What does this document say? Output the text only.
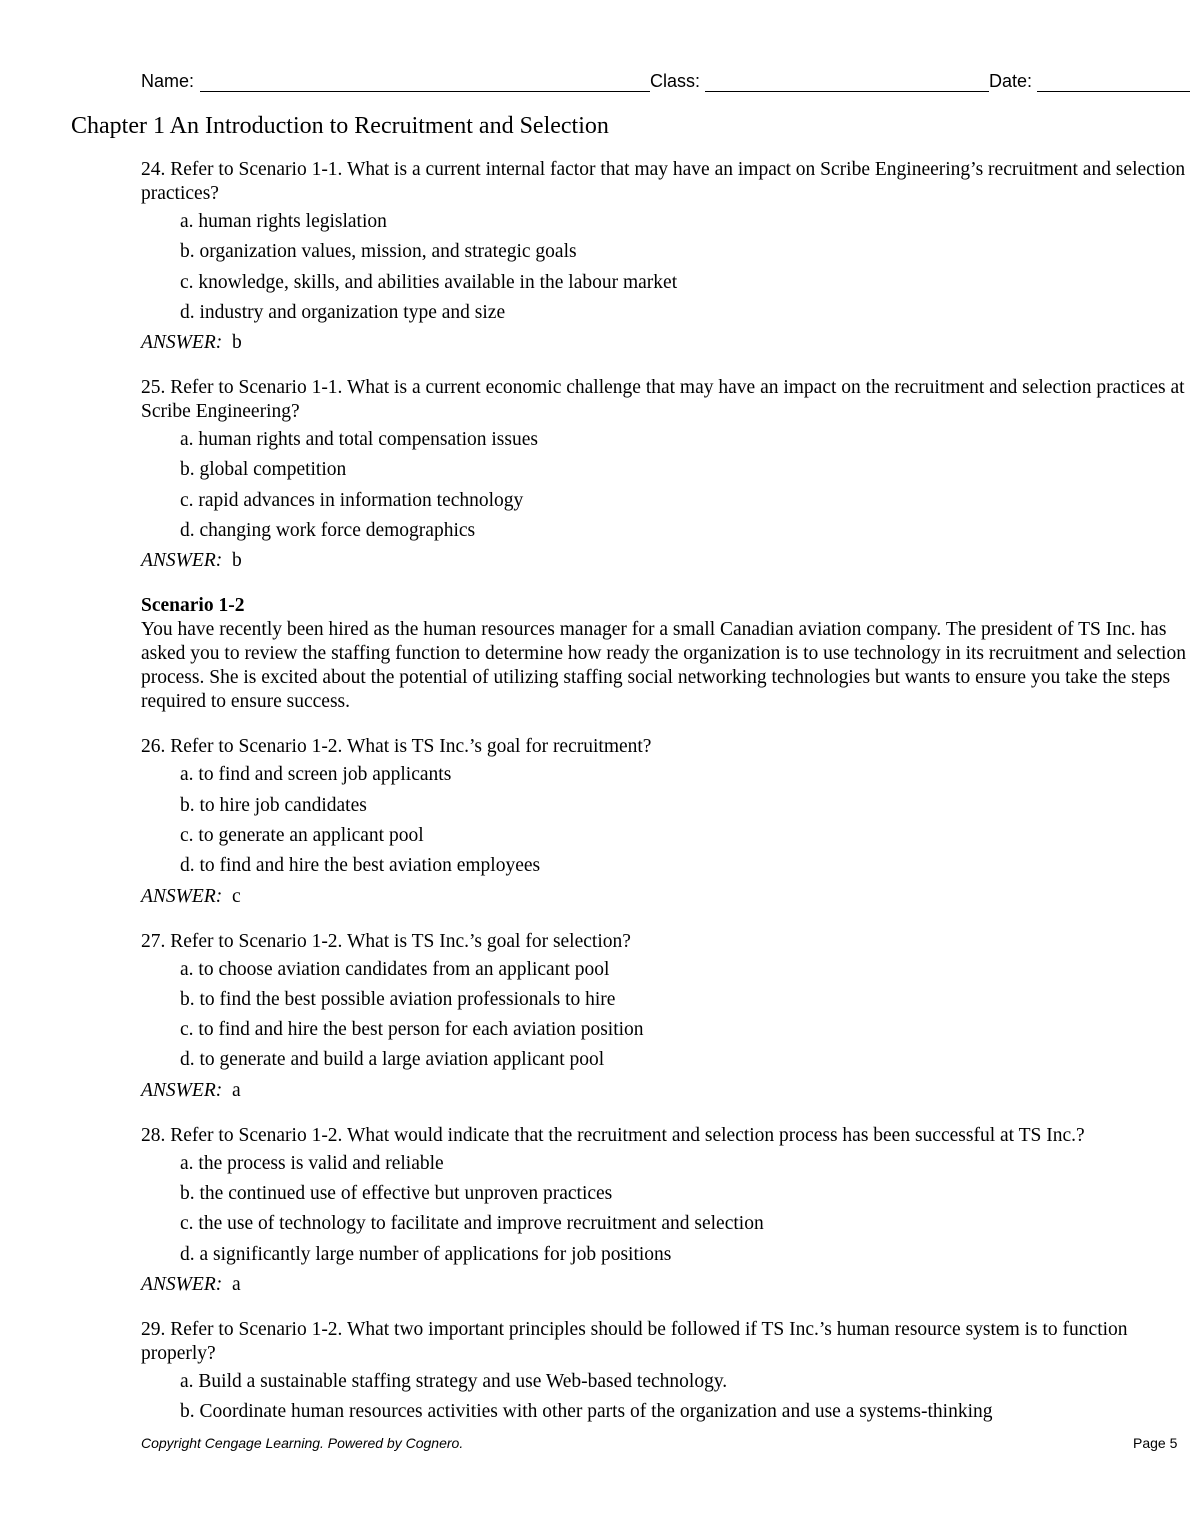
Name:	Class:	Date:
Chapter 1 An Introduction to Recruitment and Selection

24. Refer to Scenario 1-1. What is a current internal factor that may have an impact on Scribe Engineering’s recruitment and selection practices?

a. human rights legislation
b. organization values, mission, and strategic goals
c. knowledge, skills, and abilities available in the labour market
d. industry and organization type and size

ANSWER: b

25. Refer to Scenario 1-1. What is a current economic challenge that may have an impact on the recruitment and selection practices at Scribe Engineering?

a. human rights and total compensation issues
b. global competition
c. rapid advances in information technology
d. changing work force demographics

ANSWER: b

Scenario 1-2

You have recently been hired as the human resources manager for a small Canadian aviation company. The president of TS Inc. has asked you to review the staffing function to determine how ready the organization is to use technology in its recruitment and selection process. She is excited about the potential of utilizing staffing social networking technologies but wants to ensure you take the steps required to ensure success.

26. Refer to Scenario 1-2. What is TS Inc.’s goal for recruitment?

a. to find and screen job applicants
b. to hire job candidates
c. to generate an applicant pool
d. to find and hire the best aviation employees

ANSWER: c

27. Refer to Scenario 1-2. What is TS Inc.’s goal for selection?

a. to choose aviation candidates from an applicant pool
b. to find the best possible aviation professionals to hire
c. to find and hire the best person for each aviation position
d. to generate and build a large aviation applicant pool

ANSWER: a

28. Refer to Scenario 1-2. What would indicate that the recruitment and selection process has been successful at TS Inc.?

a. the process is valid and reliable
b. the continued use of effective but unproven practices
c. the use of technology to facilitate and improve recruitment and selection
d. a significantly large number of applications for job positions

ANSWER: a

29. Refer to Scenario 1-2. What two important principles should be followed if TS Inc.’s human resource system is to function properly?

a. Build a sustainable staffing strategy and use Web-based technology.
b. Coordinate human resources activities with other parts of the organization and use a systems-thinking
Copyright Cengage Learning. Powered by Cognero.	Page 5
